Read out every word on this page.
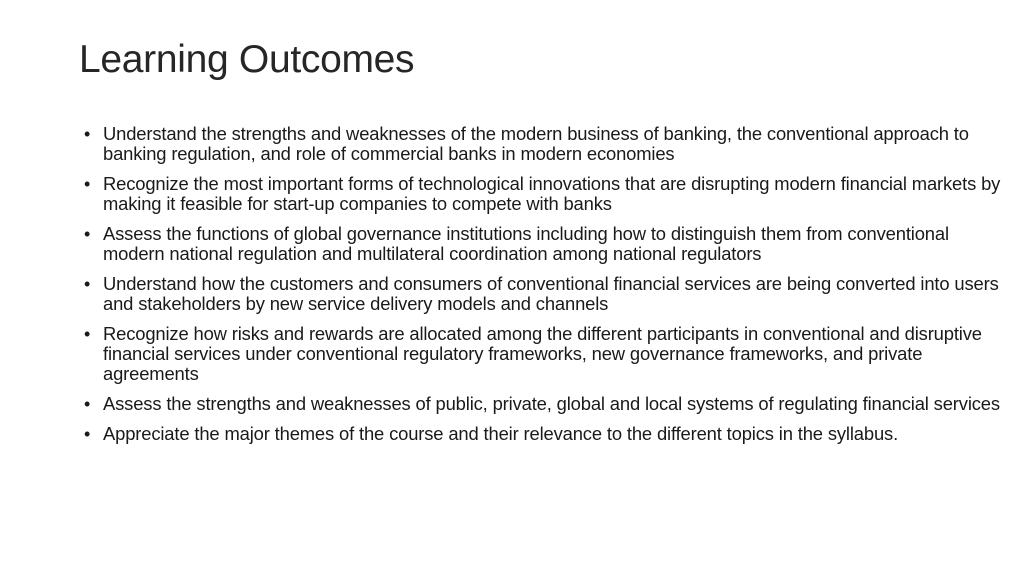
Learning Outcomes
• Understand the strengths and weaknesses of the modern business of banking, the conventional approach to banking regulation, and role of commercial banks in modern economies
• Recognize the most important forms of technological innovations that are disrupting modern financial markets by making it feasible for start-up companies to compete with banks
• Assess the functions of global governance institutions including how to distinguish them from conventional modern national regulation and multilateral coordination among national regulators
• Understand how the customers and consumers of conventional financial services are being converted into users and stakeholders by new service delivery models and channels
• Recognize how risks and rewards are allocated among the different participants in conventional and disruptive financial services under conventional regulatory frameworks, new governance frameworks, and private agreements
• Assess the strengths and weaknesses of public, private, global and local systems of regulating financial services
• Appreciate the major themes of the course and their relevance to the different topics in the syllabus.
